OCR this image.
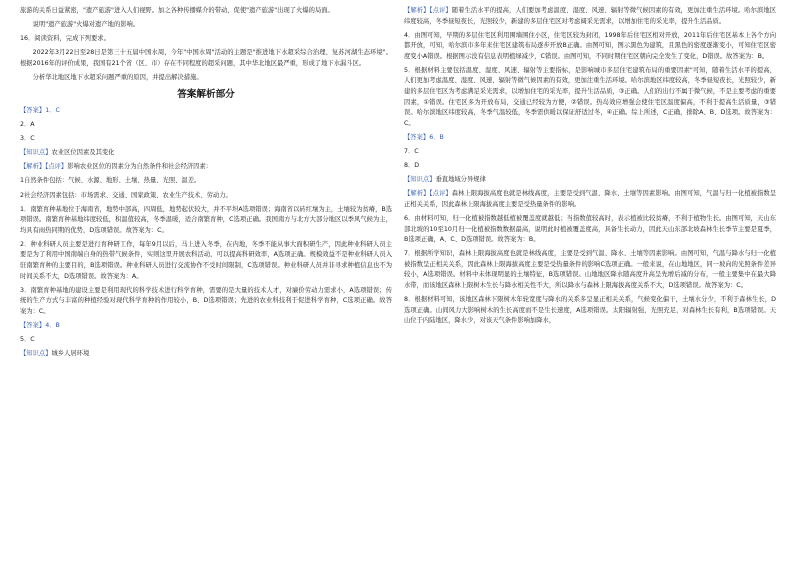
旅游的关系日益紧密，"遗产旅游"进入人们视野。加之各种传播媒介的带动，促使"遗产旅游"出现了火爆的局面。

说明"遗产旅游"火爆对遗产地的影响。

16．阅读资料，完成下列要求。

2022年3月22日至28日是第三十五届中国水周，今年"中国水周"活动的主题是"推进地下水超采综合治理、复苏河湖生态环境"。根据2016年的评价成果，我国有21个省（区、市）存在不同程度的超采问题，其中华北地区最严重，形成了地下水漏斗区。

分析华北地区地下水超采问题严重的原因，并提出解决措施。

答案解析部分

【答案】1．C

2．A

3．C

【知识点】农业区位因素及其变化

【解析】【点评】影响农业区位的因素分为自然条件和社会经济因素：

1自然条件包括：气候、水源、地形、土壤、热量、光照、温差。

2社会经济因素包括：市场需求、交通、国家政策、农业生产技术、劳动力。

1．南繁育种基地位于海南省，地势中部高，四周低，地势起伏较大，并不平坦A选项错误；海南省以砖红壤为主，土壤较为贫瘠，B选项错误。南繁育种基地纬度较低，积温值较高，冬季温暖，适合南繁育种，C选项正确。我国南方与北方大部分地区以季风气候为主，均具有雨热同期的优势，D选项错误。故答案为：C。

2．种业科研人员主要是进行育种研工作，每年9月以后，马上进入冬季，在内地，冬季不能从事大面积研生产，因此种业科研人员主要是为了利用中国南端自身的热带气候条件，实则这里开展农科活动，可以提高科研效率，A选项正确。规模效益不是种业科研人员入驻南繁育种的主要目的，B选项错误。种业科研人员进行交流协作不受时间限制，C选项错误。种业科研人员并非寻求种植信息也不为时间关系不大，D选项错误。故答案为：A。

3．南繁育种基地的建设主要是利用现代的科学技术进行科学育种，需要的是大量的技术人才，对廉价劳动力需求小，A选项错误；传统的生产方式与丰富的种植经验对现代科学育种的作用较小，B、D选项错误；先进的农业科技利于促进科学育种，C选项正确。故答案为：C。

【答案】4．B

5．C

【知识点】城乡人居环境

【解析】【点评】随着生活水平的提高，人们要加考虑温度、湿度、风速、辐射等微气候因素的有效，更加注重生活环境。哈尔滨地区纬度较高，冬季昼短夜长，光照较少，新建的多层住宅区对考虑阔采光需求，以增加住宅的采光率，提升生活品质。

4．由图可知，早期的多层住宅区利用围墙围住小区，住宅区较为封闭，1998年后住宅区相对开放，2011年后住宅区基本上各个方向都开放，可知，哈尔滨市多年来住宅区建筑布局逐步开放B正确。由图可知，图示黑色为建筑，且黑色的密度逐渐变小，可知住宅区密度变小A错误。根据图示没有信息表明植绿减少，C错误。由图可知，不同时期住宅区朝向完全发生了变化，D错误。故答案为：B。

5．根据材料主要包括温度、湿度、风速、辐射等主要指标，是影响城市多层住宅建筑布局的重要因素"可知，随着生活水平的提高，人们更加考虑温度、湿度、风速、辐射等微气候因素的有效，更加注重生活环境。哈尔滨地区纬度较高，冬季昼短夜长，光照较少，新建的多层住宅区为考虑满足采光需求，以增加住宅的采光率，提升生活品质，③正确。人们的出行不属于微气候，不是主要考虑的重要因素，①错误。住宅区多为开放布局，交通已经较为方便，②错误。热岛效应增强会使住宅区温度偏高，不利于提高生活质量，③错误。哈尔滨地区纬度较高，冬季气温较低，冬季需供暖以保证舒适过冬，④正确。综上所述，C正确，排除A、B、D选项。故答案为：C。

【答案】6．B

7．C

8．D

【知识点】垂直地域分异规律

【解析】【点评】森林上限海拔高度也就是林线高度，主要是受到气温、降水、土壤等因素影响。由图可知，气温与归一化植被指数呈正相关关系，因此森林上限海拔高度主要是受热量条件的影响。

6．由材料可知，归一化植被指数越低植被覆盖度就越低；当指数值较高时，表示植被比较贫瘠，不利于植物生长。由图可知，天山东部北坡的10至10月归一化植被指数数据最高，说明此时植被覆盖度高，具备生长动力，因此天山东部北坡森林生长季节主要是夏季，B选项正确，A、C、D选项错误。故答案为：B。

7．根据所学知识，森林上限海拔高度也就是林线高度，主要是受到气温、降水、土壤等因素影响。由图可知，气温与降水与归一化植被指数呈正相关关系，因此森林上限海拔高度主要是受热量条件的影响C选项正确。一般来说，在山地地区，同一坡向的光照条件差异较小，A选项错误。材料中未体现明显的土壤特征，B选项错误。山地地区降水随高度升高呈先增后减的分布，一般主要集中在最大降水带，而该地区森林上限树木生长与降水相关性不大，所以降水与森林上限海拔高度关系不大，D选项错误。故答案为：C。

8．根据材料可知，该地区森林下限树木年轮宽度与降水的关系多呈显正相关关系，气候变化偏干，土壤水分少，不利于森林生长，D选项正确。山间风力大影响树木的生长高度而不是生长速度，A选项错误。太阳辐射强，光照充足，对森林生长有利，B选项错误。天山位于内陆地区，降水少，对该天气条件影响加降水，
